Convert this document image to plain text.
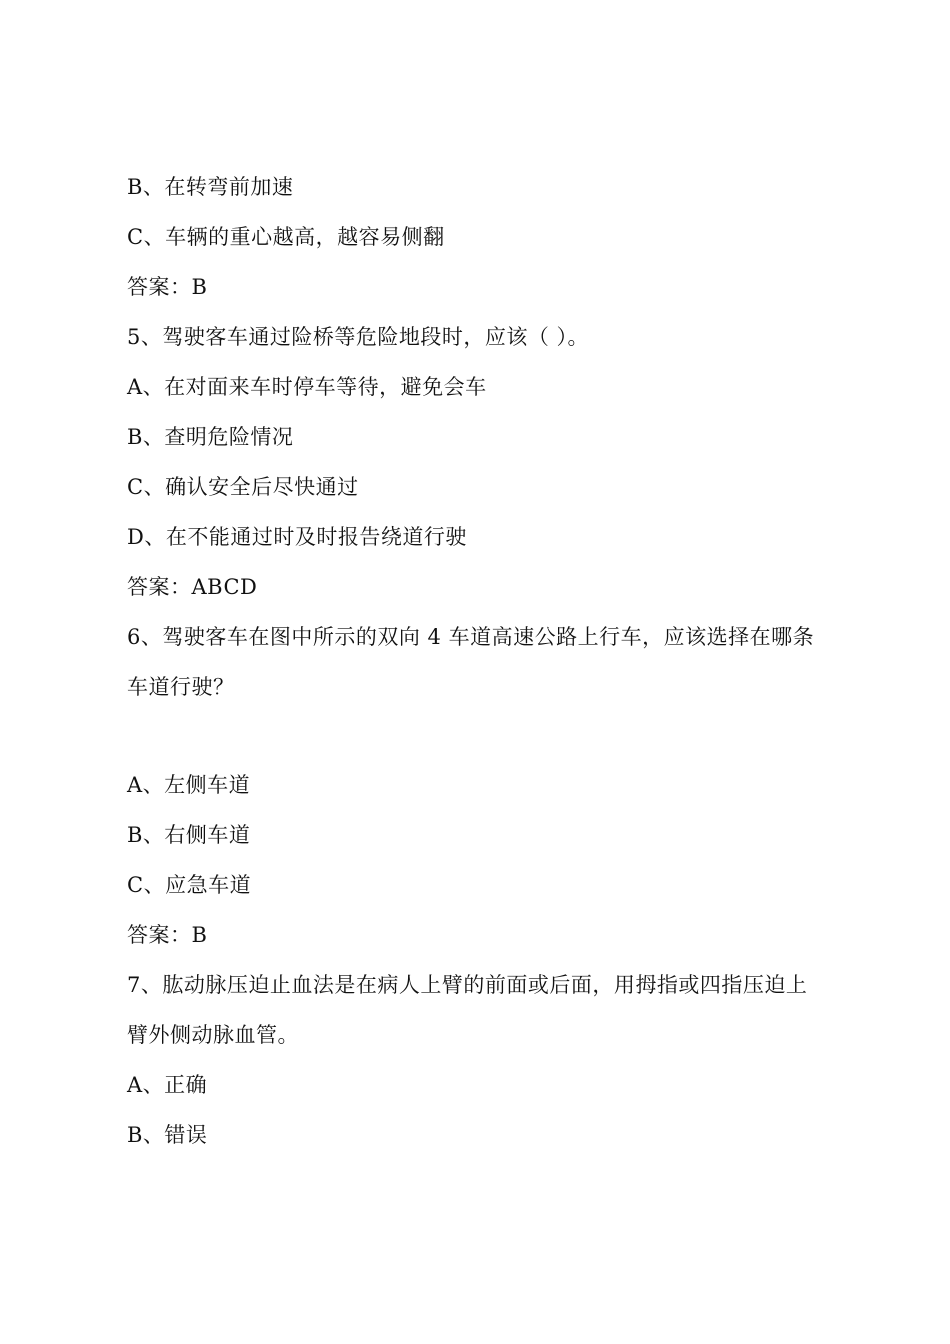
B、在转弯前加速
C、车辆的重心越高，越容易侧翻
答案：B
5、驾驶客车通过险桥等危险地段时，应该（ ）。
A、在对面来车时停车等待，避免会车
B、查明危险情况
C、确认安全后尽快通过
D、在不能通过时及时报告绕道行驶
答案：ABCD
6、驾驶客车在图中所示的双向 4 车道高速公路上行车，应该选择在哪条
车道行驶？
A、左侧车道
B、右侧车道
C、应急车道
答案：B
7、肱动脉压迫止血法是在病人上臂的前面或后面，用拇指或四指压迫上
臂外侧动脉血管。
A、正确
B、错误
